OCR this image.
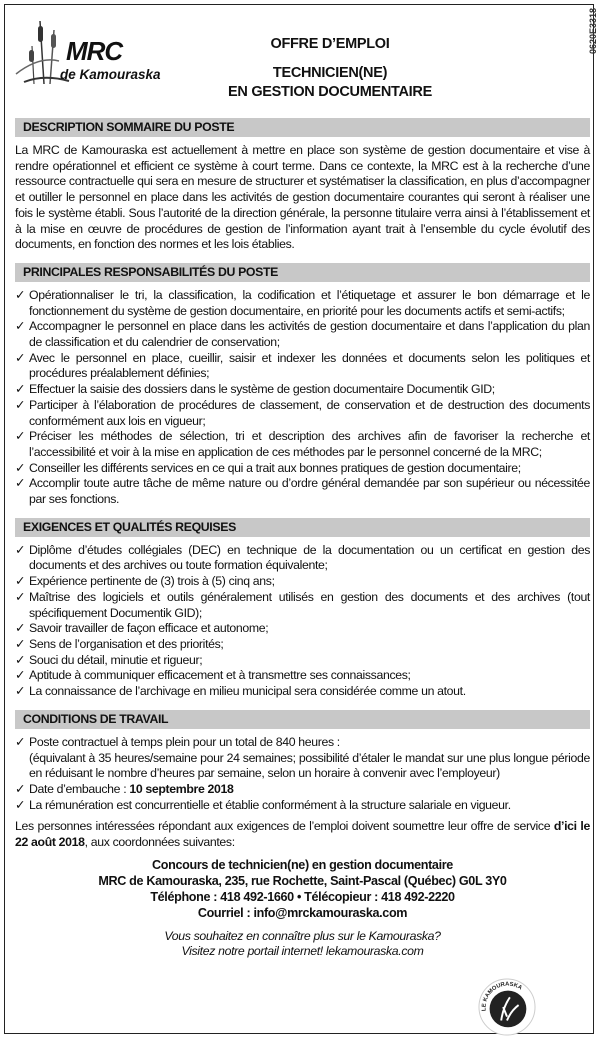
0620E3318
MRC
de Kamouraska
OFFRE D’EMPLOI
TECHNICIEN(NE)
EN GESTION DOCUMENTAIRE
DESCRIPTION SOMMAIRE DU POSTE

La MRC de Kamouraska est actuellement à mettre en place son système de gestion documentaire et vise à rendre opérationnel et efficient ce système à court terme. Dans ce contexte, la MRC est à la recherche d’une ressource contractuelle qui sera en mesure de structurer et systématiser la classification, en plus d’accompagner et outiller le personnel en place dans les activités de gestion documentaire courantes qui seront à réaliser une fois le système établi. Sous l’autorité de la direction générale, la personne titulaire verra ainsi à l’établissement et à la mise en œuvre de procédures de gestion de l’information ayant trait à l’ensemble du cycle évolutif des documents, en fonction des normes et les lois établies.

PRINCIPALES RESPONSABILITÉS DU POSTE
✓ Opérationnaliser le tri, la classification, la codification et l’étiquetage et assurer le bon démarrage et le fonctionnement du système de gestion documentaire, en priorité pour les documents actifs et semi-actifs;
✓ Accompagner le personnel en place dans les activités de gestion documentaire et dans l’application du plan de classification et du calendrier de conservation;
✓ Avec le personnel en place, cueillir, saisir et indexer les données et documents selon les politiques et procédures préalablement définies;
✓ Effectuer la saisie des dossiers dans le système de gestion documentaire Documentik GID;
✓ Participer à l’élaboration de procédures de classement, de conservation et de destruction des documents conformément aux lois en vigueur;
✓ Préciser les méthodes de sélection, tri et description des archives afin de favoriser la recherche et l’accessibilité et voir à la mise en application de ces méthodes par le personnel concerné de la MRC;
✓ Conseiller les différents services en ce qui a trait aux bonnes pratiques de gestion documentaire;
✓ Accomplir toute autre tâche de même nature ou d’ordre général demandée par son supérieur ou nécessitée par ses fonctions.
EXIGENCES ET QUALITÉS REQUISES
✓ Diplôme d’études collégiales (DEC) en technique de la documentation ou un certificat en gestion des documents et des archives ou toute formation équivalente;
✓ Expérience pertinente de (3) trois à (5) cinq ans;
✓ Maîtrise des logiciels et outils généralement utilisés en gestion des documents et des archives (tout spécifiquement Documentik GID);
✓ Savoir travailler de façon efficace et autonome;
✓ Sens de l’organisation et des priorités;
✓ Souci du détail, minutie et rigueur;
✓ Aptitude à communiquer efficacement et à transmettre ses connaissances;
✓ La connaissance de l’archivage en milieu municipal sera considérée comme un atout.
CONDITIONS DE TRAVAIL
✓ Poste contractuel à temps plein pour un total de 840 heures :
(équivalant à 35 heures/semaine pour 24 semaines; possibilité d’étaler le mandat sur une plus longue période en réduisant le nombre d’heures par semaine, selon un horaire à convenir avec l’employeur)
✓ Date d’embauche : 10 septembre 2018
✓ La rémunération est concurrentielle et établie conformément à la structure salariale en vigueur.

Les personnes intéressées répondant aux exigences de l’emploi doivent soumettre leur offre de service d’ici le 22 août 2018, aux coordonnées suivantes:

Concours de technicien(ne) en gestion documentaire
MRC de Kamouraska, 235, rue Rochette, Saint-Pascal (Québec) G0L 3Y0
Téléphone : 418 492-1660 • Télécopieur : 418 492-2220
Courriel : info@mrckamouraska.com
Vous souhaitez en connaître plus sur le Kamouraska?
Visitez notre portail internet! lekamouraska.com
LE KAMOURASKA
